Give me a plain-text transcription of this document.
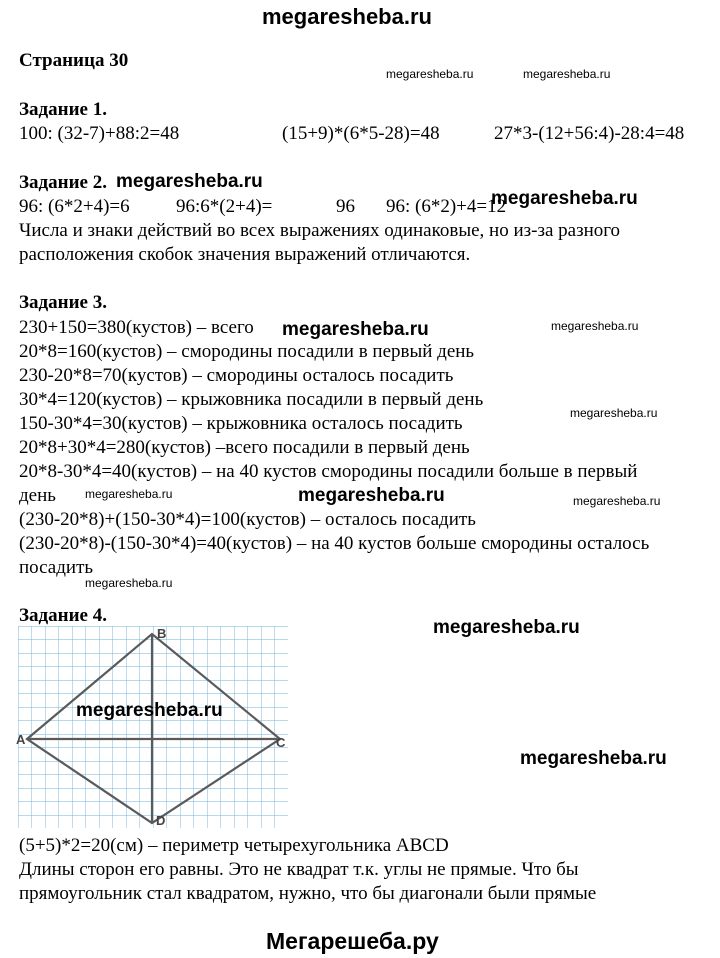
megaresheba.ru
Страница 30
megaresheba.ru	megaresheba.ru
Задание 1.
100: (32-7)+88:2=48	(15+9)*(6*5-28)=48	27*3-(12+56:4)-28:4=48
Задание 2. megaresheba.ru
96: (6*2+4)=6 96:6*(2+4)=	96 96: (6*2)+4=12
megaresheba.ru
Числа и знаки действий во всех выражениях одинаковые, но из-за разного
расположения скобок значения выражений отличаются.
Задание 3.
230+150=380(кустов) – всего megaresheba.ru	megaresheba.ru
20*8=160(кустов) – смородины посадили в первый день
230-20*8=70(кустов) – смородины осталось посадить
30*4=120(кустов) – крыжовника посадили в первый день
150-30*4=30(кустов) – крыжовника осталось посадить	megaresheba.ru
20*8+30*4=280(кустов) –всего посадили в первый день
20*8-30*4=40(кустов) – на 40 кустов смородины посадили больше в первый
день megaresheba.ru	megaresheba.ru	megaresheba.ru
(230-20*8)+(150-30*4)=100(кустов) – осталось посадить
(230-20*8)-(150-30*4)=40(кустов) – на 40 кустов больше смородины осталось
посадить
megaresheba.ru
Задание 4.
megaresheba.ru
A
B
C
D
megaresheba.ru
megaresheba.ru
(5+5)*2=20(см) – периметр четырехугольника ABCD
Длины сторон его равны. Это не квадрат т.к. углы не прямые. Что бы
прямоугольник стал квадратом, нужно, что бы диагонали были прямые
Мегарешеба.ру
